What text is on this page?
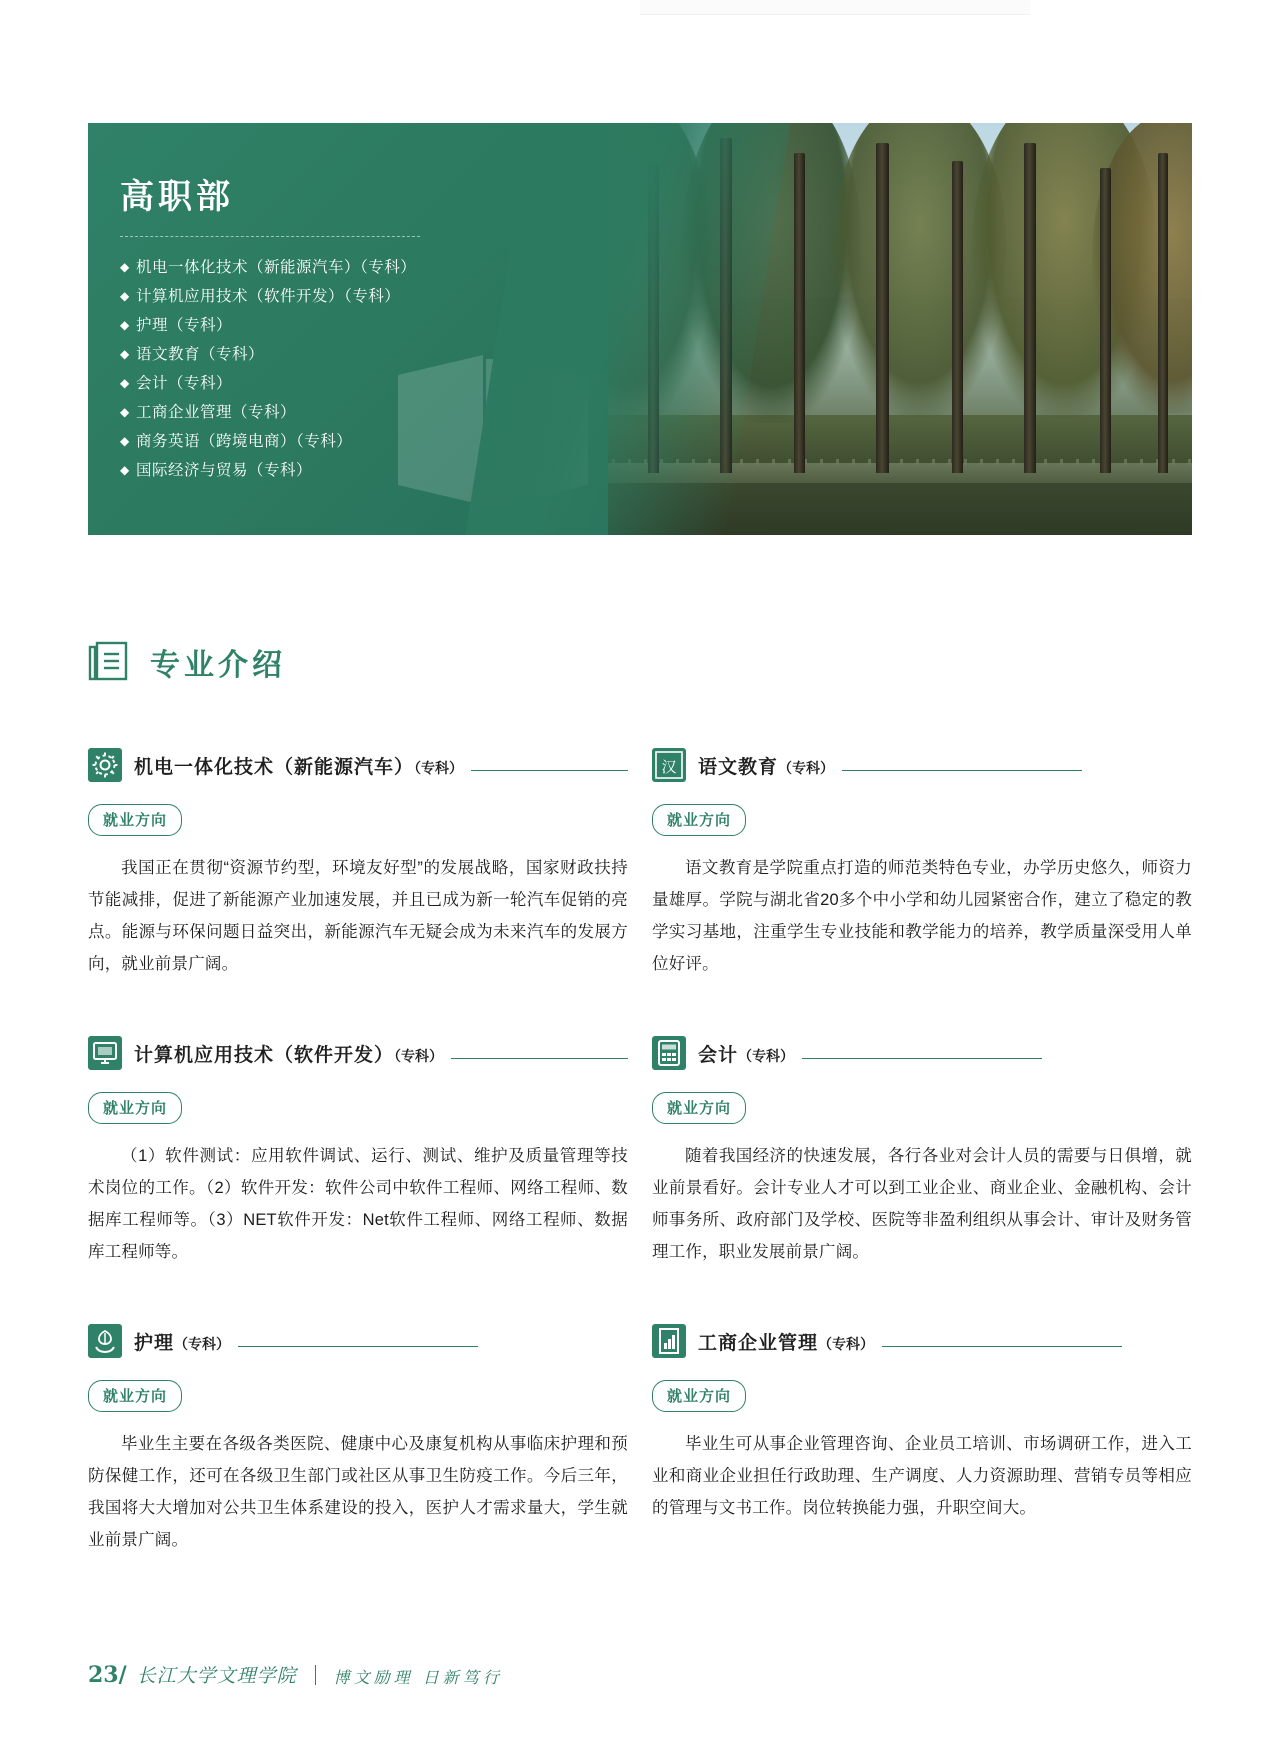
高职部
◆ 机电一体化技术（新能源汽车）（专科）
◆ 计算机应用技术（软件开发）（专科）
◆ 护理（专科）
◆ 语文教育（专科）
◆ 会计（专科）
◆ 工商企业管理（专科）
◆ 商务英语（跨境电商）（专科）
◆ 国际经济与贸易（专科）
专业介绍
机电一体化技术（新能源汽车）（专科）
就业方向

我国正在贯彻“资源节约型，环境友好型”的发展战略，国家财政扶持节能减排，促进了新能源产业加速发展，并且已成为新一轮汽车促销的亮点。能源与环保问题日益突出，新能源汽车无疑会成为未来汽车的发展方向，就业前景广阔。

汉 语文教育（专科）
就业方向

语文教育是学院重点打造的师范类特色专业，办学历史悠久，师资力量雄厚。学院与湖北省20多个中小学和幼儿园紧密合作，建立了稳定的教学实习基地，注重学生专业技能和教学能力的培养，教学质量深受用人单位好评。

计算机应用技术（软件开发）（专科）
就业方向

（1）软件测试：应用软件调试、运行、测试、维护及质量管理等技术岗位的工作。（2）软件开发：软件公司中软件工程师、网络工程师、数据库工程师等。（3）NET软件开发：Net软件工程师、网络工程师、数据库工程师等。

会计（专科）
就业方向

随着我国经济的快速发展，各行各业对会计人员的需要与日俱增，就业前景看好。会计专业人才可以到工业企业、商业企业、金融机构、会计师事务所、政府部门及学校、医院等非盈利组织从事会计、审计及财务管理工作，职业发展前景广阔。

护理（专科）
就业方向

毕业生主要在各级各类医院、健康中心及康复机构从事临床护理和预防保健工作，还可在各级卫生部门或社区从事卫生防疫工作。今后三年，我国将大大增加对公共卫生体系建设的投入，医护人才需求量大，学生就业前景广阔。

工商企业管理（专科）
就业方向

毕业生可从事企业管理咨询、企业员工培训、市场调研工作，进入工业和商业企业担任行政助理、生产调度、人力资源助理、营销专员等相应的管理与文书工作。岗位转换能力强，升职空间大。

23/ 长江大学文理学院 博文励理 日新笃行
